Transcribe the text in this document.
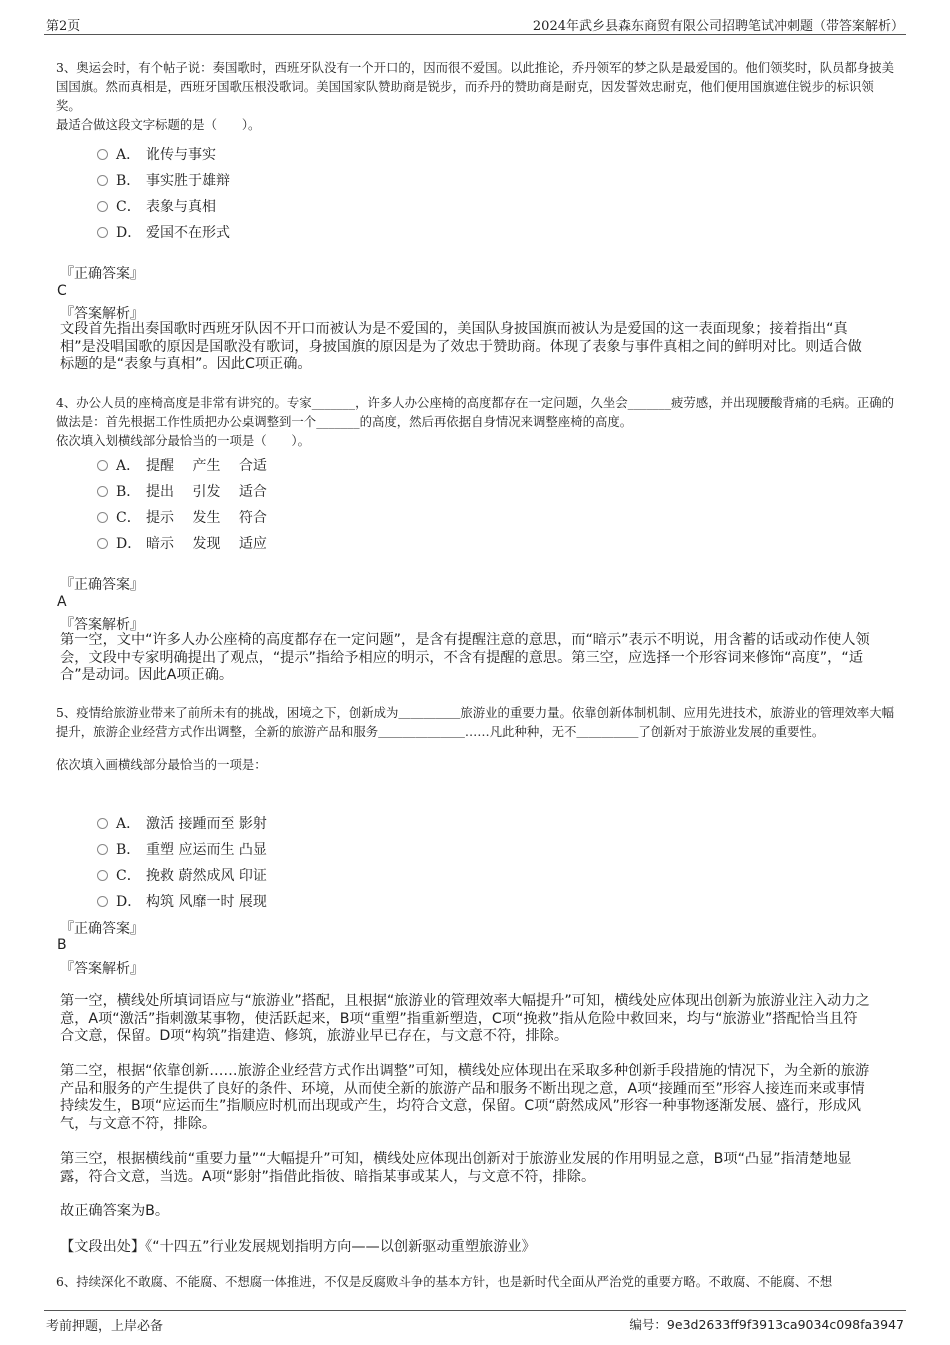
第2页	2024年武乡县森东商贸有限公司招聘笔试冲刺题（带答案解析）

3、奥运会时，有个帖子说：奏国歌时，西班牙队没有一个开口的，因而很不爱国。以此推论，乔丹领军的梦之队是最爱国的。他们领奖时，队员都身披美国国旗。然而真相是，西班牙国歌压根没歌词。美国国家队赞助商是锐步，而乔丹的赞助商是耐克，因发誓效忠耐克，他们便用国旗遮住锐步的标识领奖。

最适合做这段文字标题的是（　　）。

A． 讹传与事实
B． 事实胜于雄辩
C． 表象与真相
D． 爱国不在形式
『正确答案』
C
『答案解析』

文段首先指出奏国歌时西班牙队因不开口而被认为是不爱国的，美国队身披国旗而被认为是爱国的这一表面现象；接着指出“真相”是没唱国歌的原因是国歌没有歌词，身披国旗的原因是为了效忠于赞助商。体现了表象与事件真相之间的鲜明对比。则适合做标题的是“表象与真相”。因此C项正确。

4、办公人员的座椅高度是非常有讲究的。专家_______，许多人办公座椅的高度都存在一定问题，久坐会_______疲劳感，并出现腰酸背痛的毛病。正确的做法是：首先根据工作性质把办公桌调整到一个_______的高度，然后再依据自身情况来调整座椅的高度。

依次填入划横线部分最恰当的一项是（　　）。

A． 提醒　 产生　 合适
B． 提出　 引发　 适合
C． 提示　 发生　 符合
D． 暗示　 发现　 适应
『正确答案』
A
『答案解析』

第一空，文中“许多人办公座椅的高度都存在一定问题”，是含有提醒注意的意思，而“暗示”表示不明说，用含蓄的话或动作使人领会，文段中专家明确提出了观点，“提示”指给予相应的明示，不含有提醒的意思。第三空，应选择一个形容词来修饰“高度”，“适合”是动词。因此A项正确。

5、疫情给旅游业带来了前所未有的挑战，困境之下，创新成为＿＿＿＿＿旅游业的重要力量。依靠创新体制机制、应用先进技术，旅游业的管理效率大幅提升，旅游企业经营方式作出调整，全新的旅游产品和服务＿＿＿＿＿＿＿……凡此种种，无不＿＿＿＿＿了创新对于旅游业发展的重要性。

依次填入画横线部分最恰当的一项是：

A． 激活 接踵而至 影射
B． 重塑 应运而生 凸显
C． 挽救 蔚然成风 印证
D． 构筑 风靡一时 展现
『正确答案』
B
『答案解析』

第一空，横线处所填词语应与“旅游业”搭配，且根据“旅游业的管理效率大幅提升”可知，横线处应体现出创新为旅游业注入动力之意，A项“激活”指刺激某事物，使活跃起来，B项“重塑”指重新塑造，C项“挽救”指从危险中救回来，均与“旅游业”搭配恰当且符合文意，保留。D项“构筑”指建造、修筑，旅游业早已存在，与文意不符，排除。

第二空，根据“依靠创新……旅游企业经营方式作出调整”可知，横线处应体现出在采取多种创新手段措施的情况下，为全新的旅游产品和服务的产生提供了良好的条件、环境，从而使全新的旅游产品和服务不断出现之意，A项“接踵而至”形容人接连而来或事情持续发生，B项“应运而生”指顺应时机而出现或产生，均符合文意，保留。C项“蔚然成风”形容一种事物逐渐发展、盛行，形成风气，与文意不符，排除。

第三空，根据横线前“重要力量”“大幅提升”可知，横线处应体现出创新对于旅游业发展的作用明显之意，B项“凸显”指清楚地显露，符合文意，当选。A项“影射”指借此指彼、暗指某事或某人，与文意不符，排除。

故正确答案为B。

【文段出处】《“十四五”行业发展规划指明方向——以创新驱动重塑旅游业》

6、持续深化不敢腐、不能腐、不想腐一体推进，不仅是反腐败斗争的基本方针，也是新时代全面从严治党的重要方略。不敢腐、不能腐、不想

考前押题，上岸必备	编号：9e3d2633ff9f3913ca9034c098fa3947
